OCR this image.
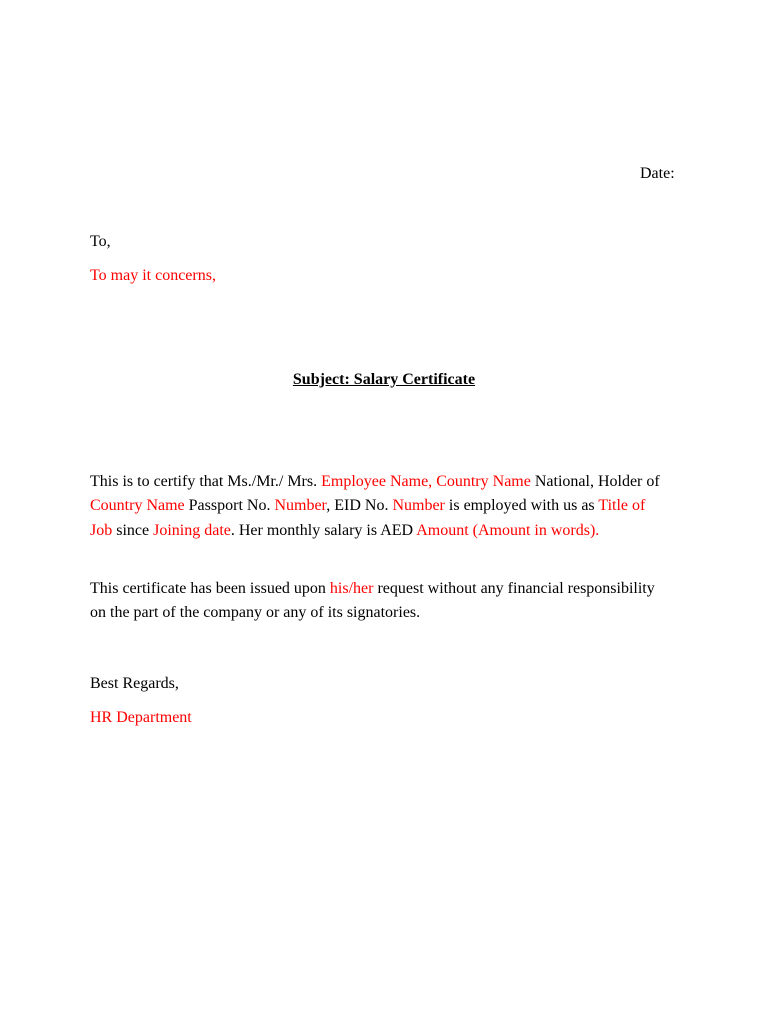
Date:
To,
To may it concerns,
Subject: Salary Certificate
This is to certify that Ms./Mr./ Mrs. Employee Name, Country Name National, Holder of Country Name Passport No. Number, EID No. Number is employed with us as Title of Job since Joining date. Her monthly salary is AED Amount (Amount in words).
This certificate has been issued upon his/her request without any financial responsibility on the part of the company or any of its signatories.
Best Regards,
HR Department
